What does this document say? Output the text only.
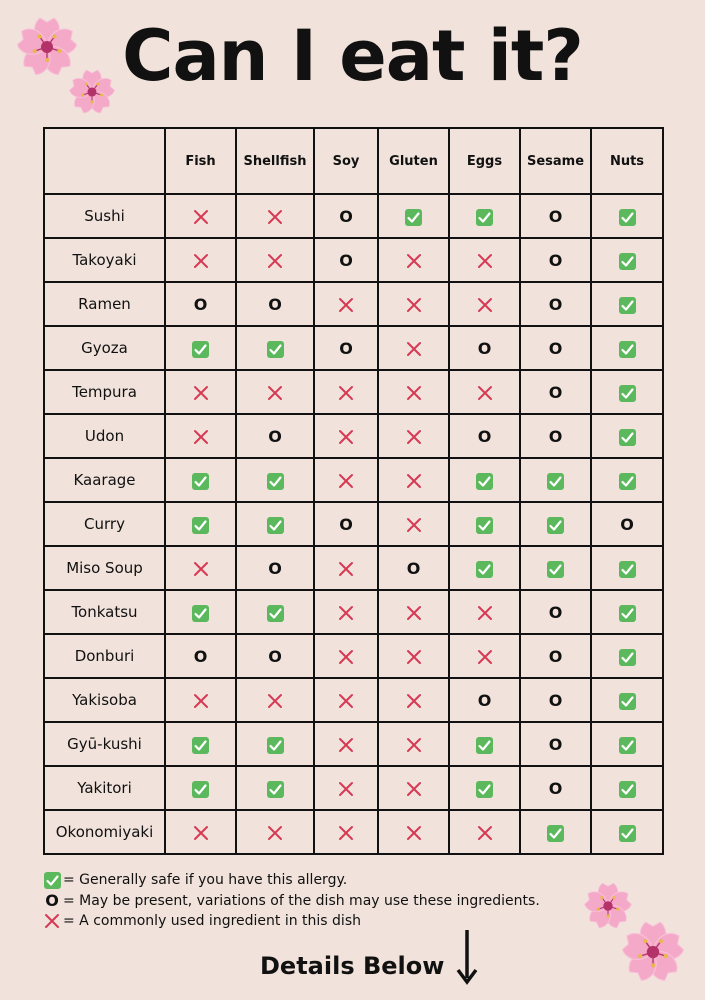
Can I eat it?
	Fish	Shellfish	Soy	Gluten	Eggs	Sesame	Nuts
Sushi			O			O	
Takoyaki			O			O	
Ramen	O	O				O	
Gyoza			O		O	O	
Tempura						O	
Udon		O			O	O	
Kaarage							
Curry			O				O
Miso Soup		O		O			
Tonkatsu						O	
Donburi	O	O				O	
Yakisoba					O	O	
Gyū-kushi						O	
Yakitori						O	
Okonomiyaki							
= Generally safe if you have this allergy.
O = May be present, variations of the dish may use these ingredients.
= A commonly used ingredient in this dish
Details Below
